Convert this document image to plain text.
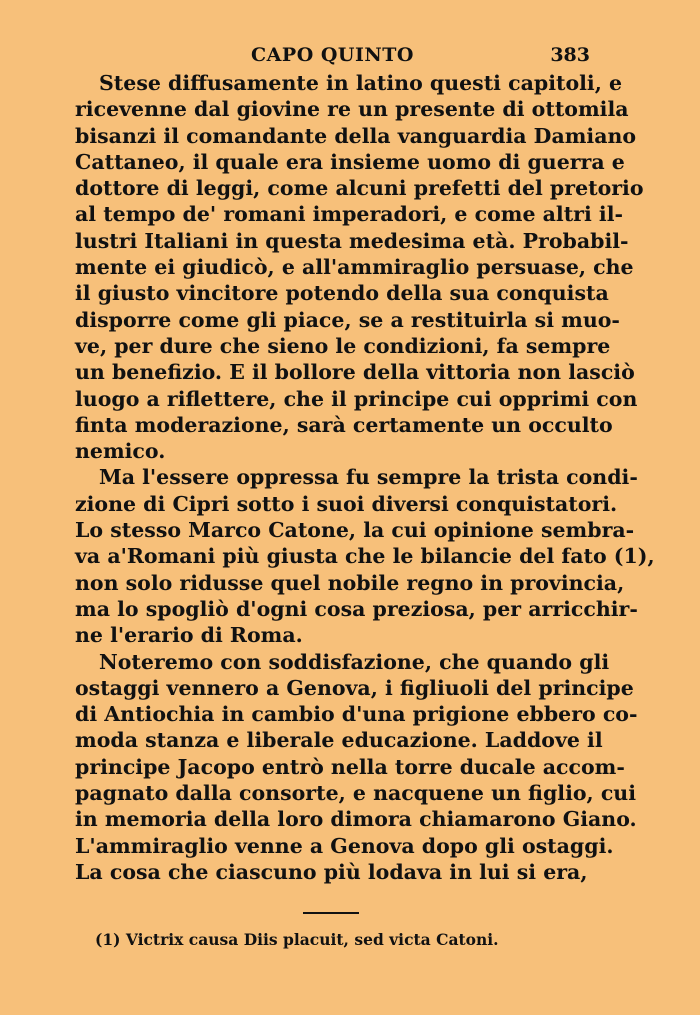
CAPO QUINTO	383
Stese diffusamente in latino questi capitoli, e
ricevenne dal giovine re un presente di ottomila
bisanzi il comandante della vanguardia Damiano
Cattaneo, il quale era insieme uomo di guerra e
dottore di leggi, come alcuni prefetti del pretorio
al tempo de' romani imperadori, e come altri il-
lustri Italiani in questa medesima età. Probabil-
mente ei giudicò, e all'ammiraglio persuase, che
il giusto vincitore potendo della sua conquista
disporre come gli piace, se a restituirla si muo-
ve, per dure che sieno le condizioni, fa sempre
un benefizio. E il bollore della vittoria non lasciò
luogo a riflettere, che il principe cui opprimi con
finta moderazione, sarà certamente un occulto
nemico.
Ma l'essere oppressa fu sempre la trista condi-
zione di Cipri sotto i suoi diversi conquistatori.
Lo stesso Marco Catone, la cui opinione sembra-
va a'Romani più giusta che le bilancie del fato (1),
non solo ridusse quel nobile regno in provincia,
ma lo spogliò d'ogni cosa preziosa, per arricchir-
ne l'erario di Roma.
Noteremo con soddisfazione, che quando gli
ostaggi vennero a Genova, i figliuoli del principe
di Antiochia in cambio d'una prigione ebbero co-
moda stanza e liberale educazione. Laddove il
principe Jacopo entrò nella torre ducale accom-
pagnato dalla consorte, e nacquene un figlio, cui
in memoria della loro dimora chiamarono Giano.
L'ammiraglio venne a Genova dopo gli ostaggi.
La cosa che ciascuno più lodava in lui si era,
(1) Victrix causa Diis placuit, sed victa Catoni.
